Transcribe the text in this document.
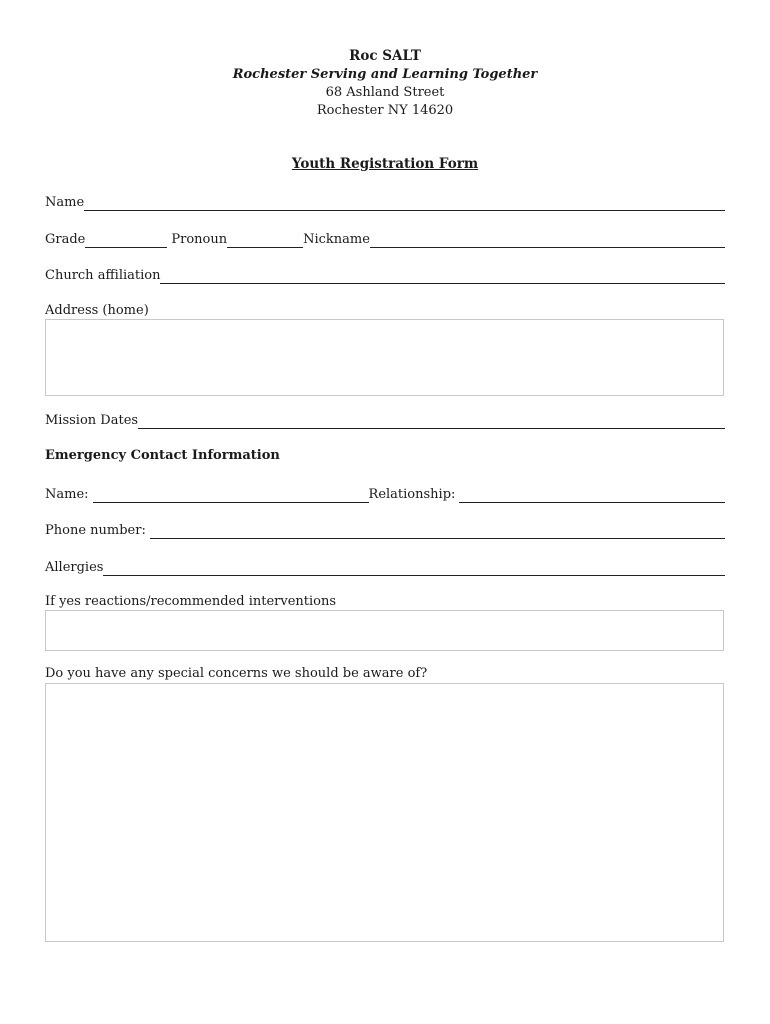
Roc SALT
Rochester Serving and Learning Together
68 Ashland Street
Rochester NY 14620
Youth Registration Form
Name
Grade	Pronoun	Nickname
Church affiliation
Address (home)
Mission Dates
Emergency Contact Information
Name:	Relationship:
Phone number:
Allergies
If yes reactions/recommended interventions
Do you have any special concerns we should be aware of?
